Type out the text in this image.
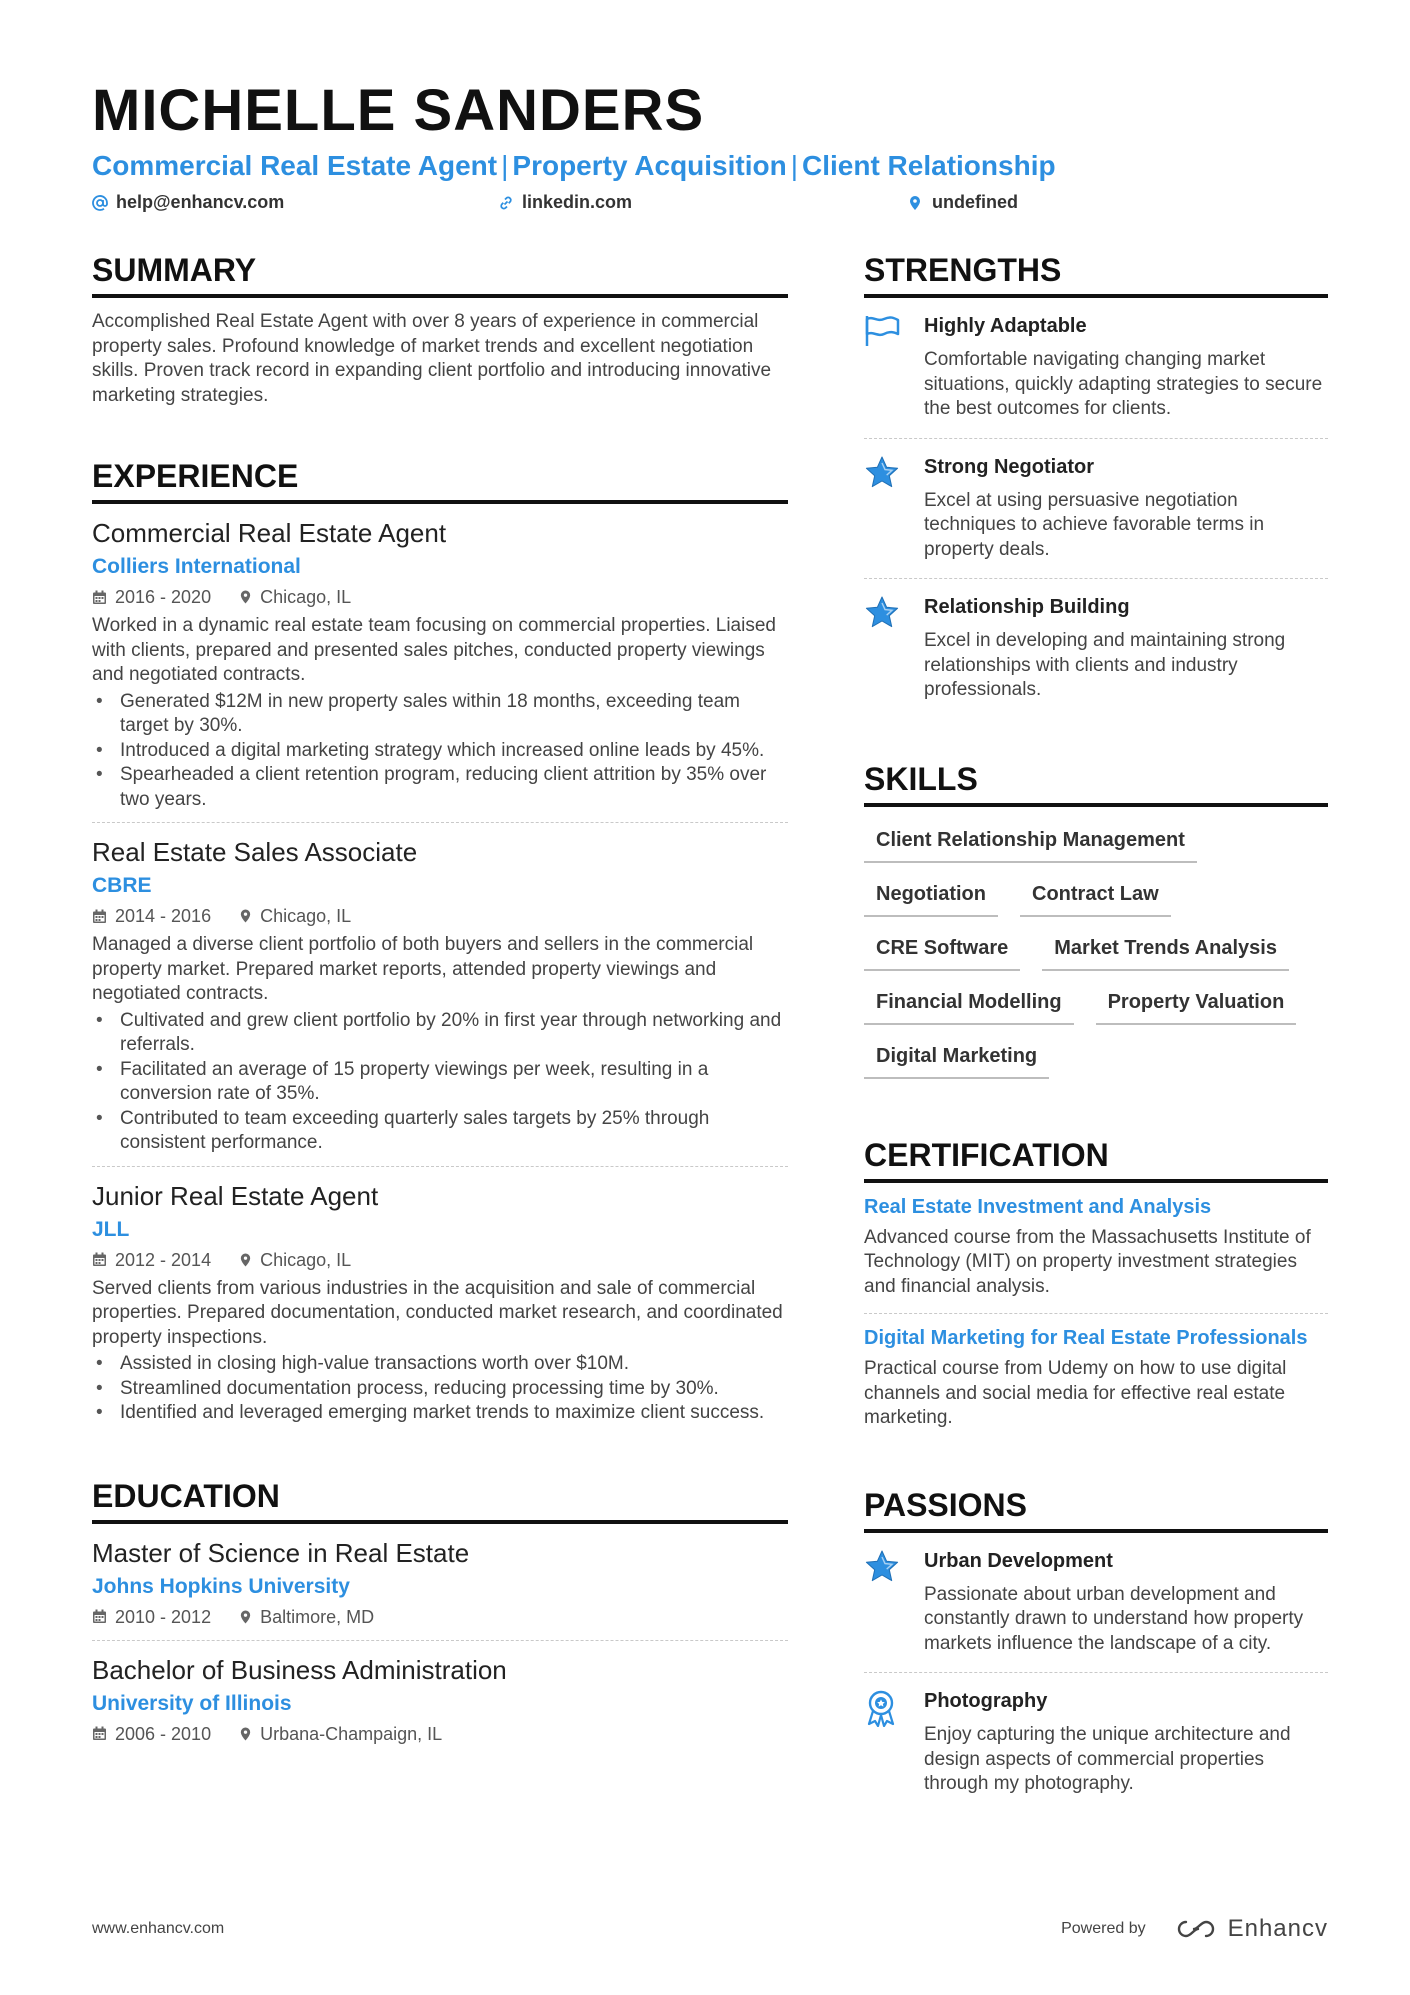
MICHELLE SANDERS
Commercial Real Estate Agent | Property Acquisition | Client Relationship
help@enhancv.com	linkedin.com	undefined
SUMMARY

Accomplished Real Estate Agent with over 8 years of experience in commercial property sales. Profound knowledge of market trends and excellent negotiation skills. Proven track record in expanding client portfolio and introducing innovative marketing strategies.

EXPERIENCE
Commercial Real Estate Agent
Colliers International
2016 - 2020	Chicago, IL

Worked in a dynamic real estate team focusing on commercial properties. Liaised with clients, prepared and presented sales pitches, conducted property viewings and negotiated contracts.

• Generated $12M in new property sales within 18 months, exceeding team target by 30%.
• Introduced a digital marketing strategy which increased online leads by 45%.
• Spearheaded a client retention program, reducing client attrition by 35% over two years.
Real Estate Sales Associate
CBRE
2014 - 2016	Chicago, IL

Managed a diverse client portfolio of both buyers and sellers in the commercial property market. Prepared market reports, attended property viewings and negotiated contracts.

• Cultivated and grew client portfolio by 20% in first year through networking and referrals.
• Facilitated an average of 15 property viewings per week, resulting in a conversion rate of 35%.
• Contributed to team exceeding quarterly sales targets by 25% through consistent performance.
Junior Real Estate Agent
JLL
2012 - 2014	Chicago, IL

Served clients from various industries in the acquisition and sale of commercial properties. Prepared documentation, conducted market research, and coordinated property inspections.

• Assisted in closing high-value transactions worth over $10M.
• Streamlined documentation process, reducing processing time by 30%.
• Identified and leveraged emerging market trends to maximize client success.
EDUCATION
Master of Science in Real Estate
Johns Hopkins University
2010 - 2012	Baltimore, MD
Bachelor of Business Administration
University of Illinois
2006 - 2010	Urbana-Champaign, IL
STRENGTHS
Highly Adaptable

Comfortable navigating changing market situations, quickly adapting strategies to secure the best outcomes for clients.

Strong Negotiator

Excel at using persuasive negotiation techniques to achieve favorable terms in property deals.

Relationship Building

Excel in developing and maintaining strong relationships with clients and industry professionals.

SKILLS
Client Relationship Management
Negotiation	Contract Law
CRE Software	Market Trends Analysis
Financial Modelling	Property Valuation
Digital Marketing
CERTIFICATION
Real Estate Investment and Analysis

Advanced course from the Massachusetts Institute of Technology (MIT) on property investment strategies and financial analysis.

Digital Marketing for Real Estate Professionals

Practical course from Udemy on how to use digital channels and social media for effective real estate marketing.

PASSIONS
Urban Development

Passionate about urban development and constantly drawn to understand how property markets influence the landscape of a city.

Photography

Enjoy capturing the unique architecture and design aspects of commercial properties through my photography.

www.enhancv.com	Powered by	Enhancv
